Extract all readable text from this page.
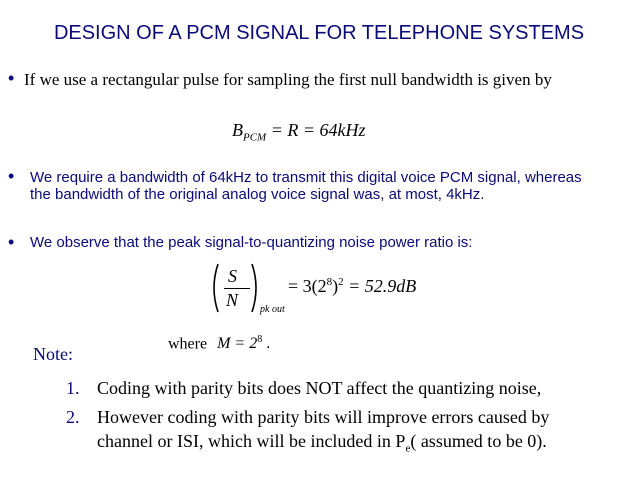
DESIGN OF A PCM SIGNAL FOR TELEPHONE SYSTEMS
• If we use a rectangular pulse for sampling the first null bandwidth is given by
$B_{PCM} = R = 64kHz$
• We require a bandwidth of 64kHz to transmit this digital voice PCM signal, whereas
the bandwidth of the original analog voice signal was, at most, 4kHz.
• We observe that the peak signal-to-quantizing noise power ratio is:
S
N pk out
= $3(2^8)^2 = 52.9dB$
where $M = 2^8$ .
Note:
1. Coding with parity bits does NOT affect the quantizing noise,
2. However coding with parity bits will improve errors caused by
channel or ISI, which will be included in $P_e$( assumed to be 0).
